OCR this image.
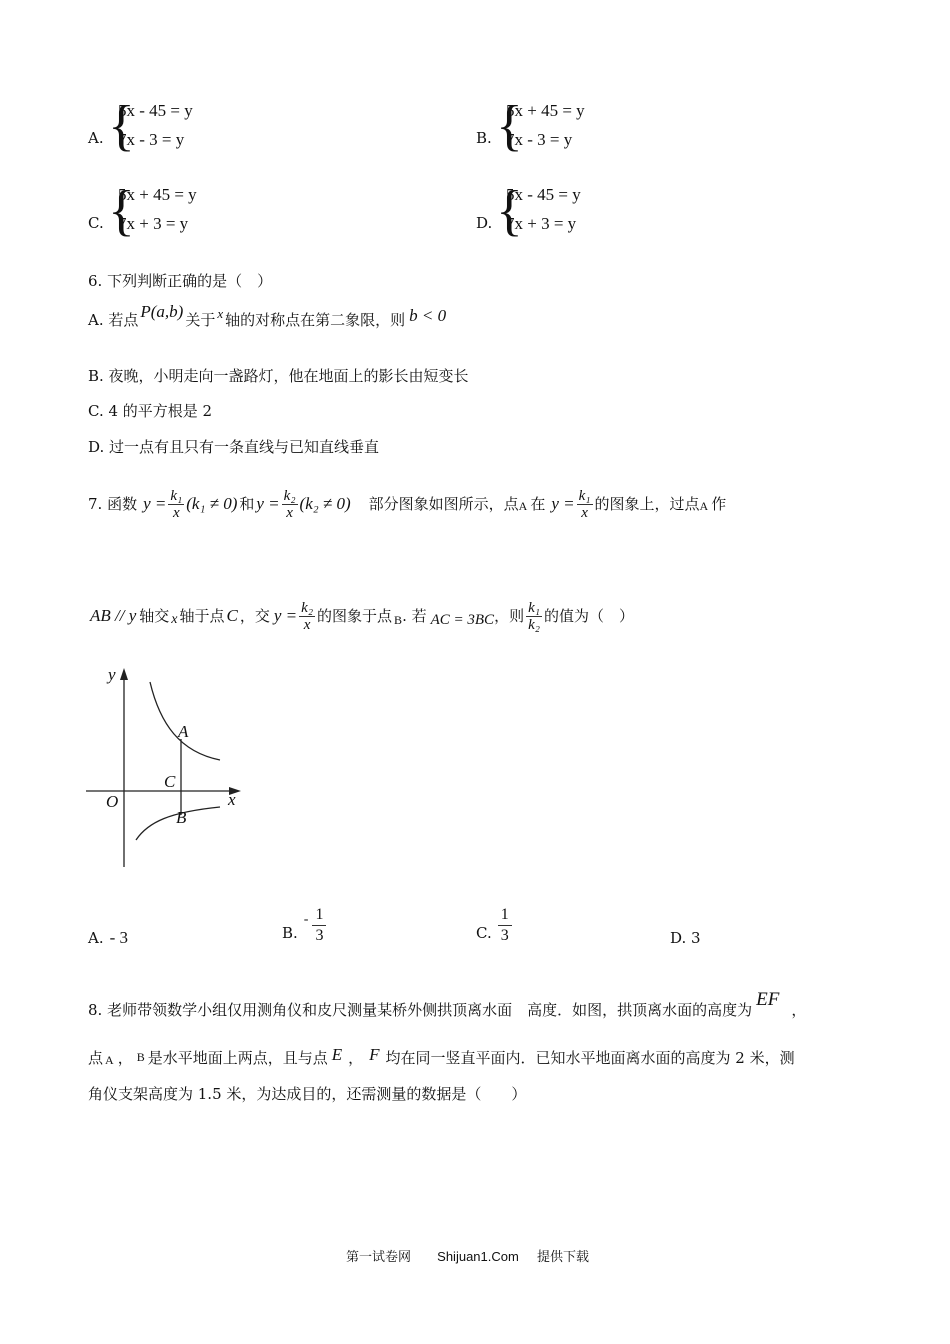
A. {
5x - 45 = y
7x - 3 = y	B. {
5x + 45 = y
7x - 3 = y
C. {
5x + 45 = y
7x + 3 = y	D. {
5x - 45 = y
7x + 3 = y
6. 下列判断正确的是（　）
A. 若点 P(a,b) 关于 x 轴的对称点在第二象限，则 b < 0
B. 夜晚，小明走向一盏路灯，他在地面上的影长由短变长
C. 4 的平方根是 2
D. 过一点有且只有一条直线与已知直线垂直
7. 函数 $y = \frac{\text{k₁}}{x} (k_1 \ne 0)$ 和 $y = \frac{\text{k₂}}{x} (k_2 \ne 0)$ 部分图象如图所示，点 A 在 $y = \frac{\text{k₁}}{x}$ 的图象上，过点 A 作
AB // y 轴交 x 轴于点 C ，交 $y = \frac{\text{k₂}}{x}$ 的图象于点 B . 若 AC = 3BC ，则 $\frac{\text{k₁}}{\text{k₂}}$ 的值为（　）
y
x
O
A
B
C
A. - 3	B.
- $\frac{1}{3}$	C. $\frac{1}{3}$	D. 3
8. 老师带领数学小组仅用测角仪和皮尺测量某桥外侧拱顶离水面　高度．如图，拱顶离水面的高度为 EF ，
点 A ， B 是水平地面上两点，且与点 E ， F 均在同一竖直平面内．已知水平地面离水面的高度为 2 米，测
角仪支架高度为 1.5 米，为达成目的，还需测量的数据是（　　）
第一试卷网 Shijuan1.Com 提供下载
